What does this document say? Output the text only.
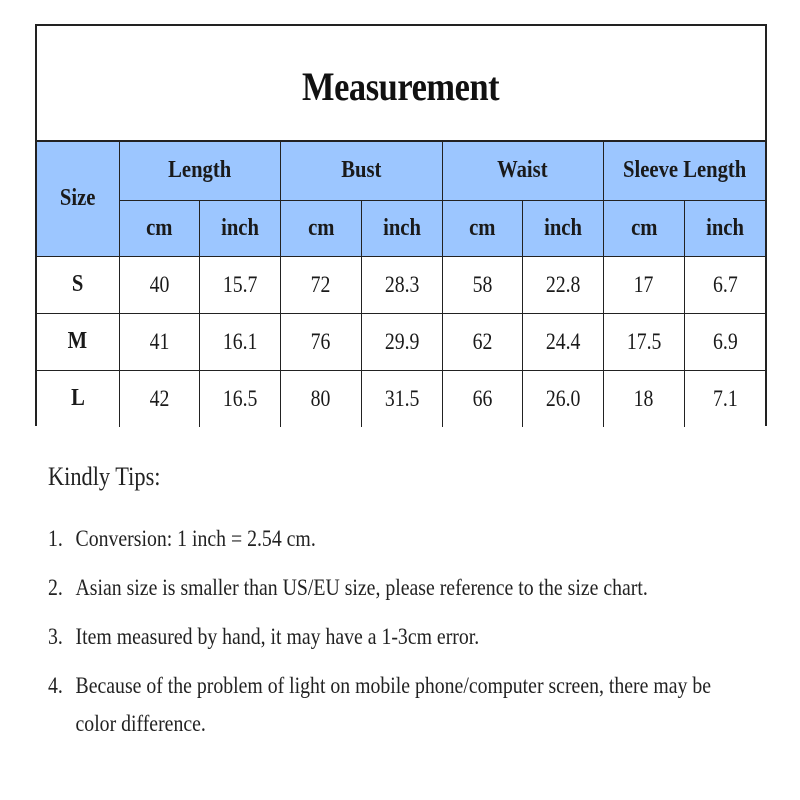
Measurement
Size	Length		Bust		Waist		Sleeve Length	
	cm	inch	cm	inch	cm	inch	cm	inch
S	40	15.7	72	28.3	58	22.8	17	6.7
M	41	16.1	76	29.9	62	24.4	17.5	6.9
L	42	16.5	80	31.5	66	26.0	18	7.1
Kindly Tips:
1. Conversion: 1 inch = 2.54 cm.
2. Asian size is smaller than US/EU size, please reference to the size chart.
3. Item measured by hand, it may have a 1-3cm error.
4. Because of the problem of light on mobile phone/computer screen, there may be color difference.
